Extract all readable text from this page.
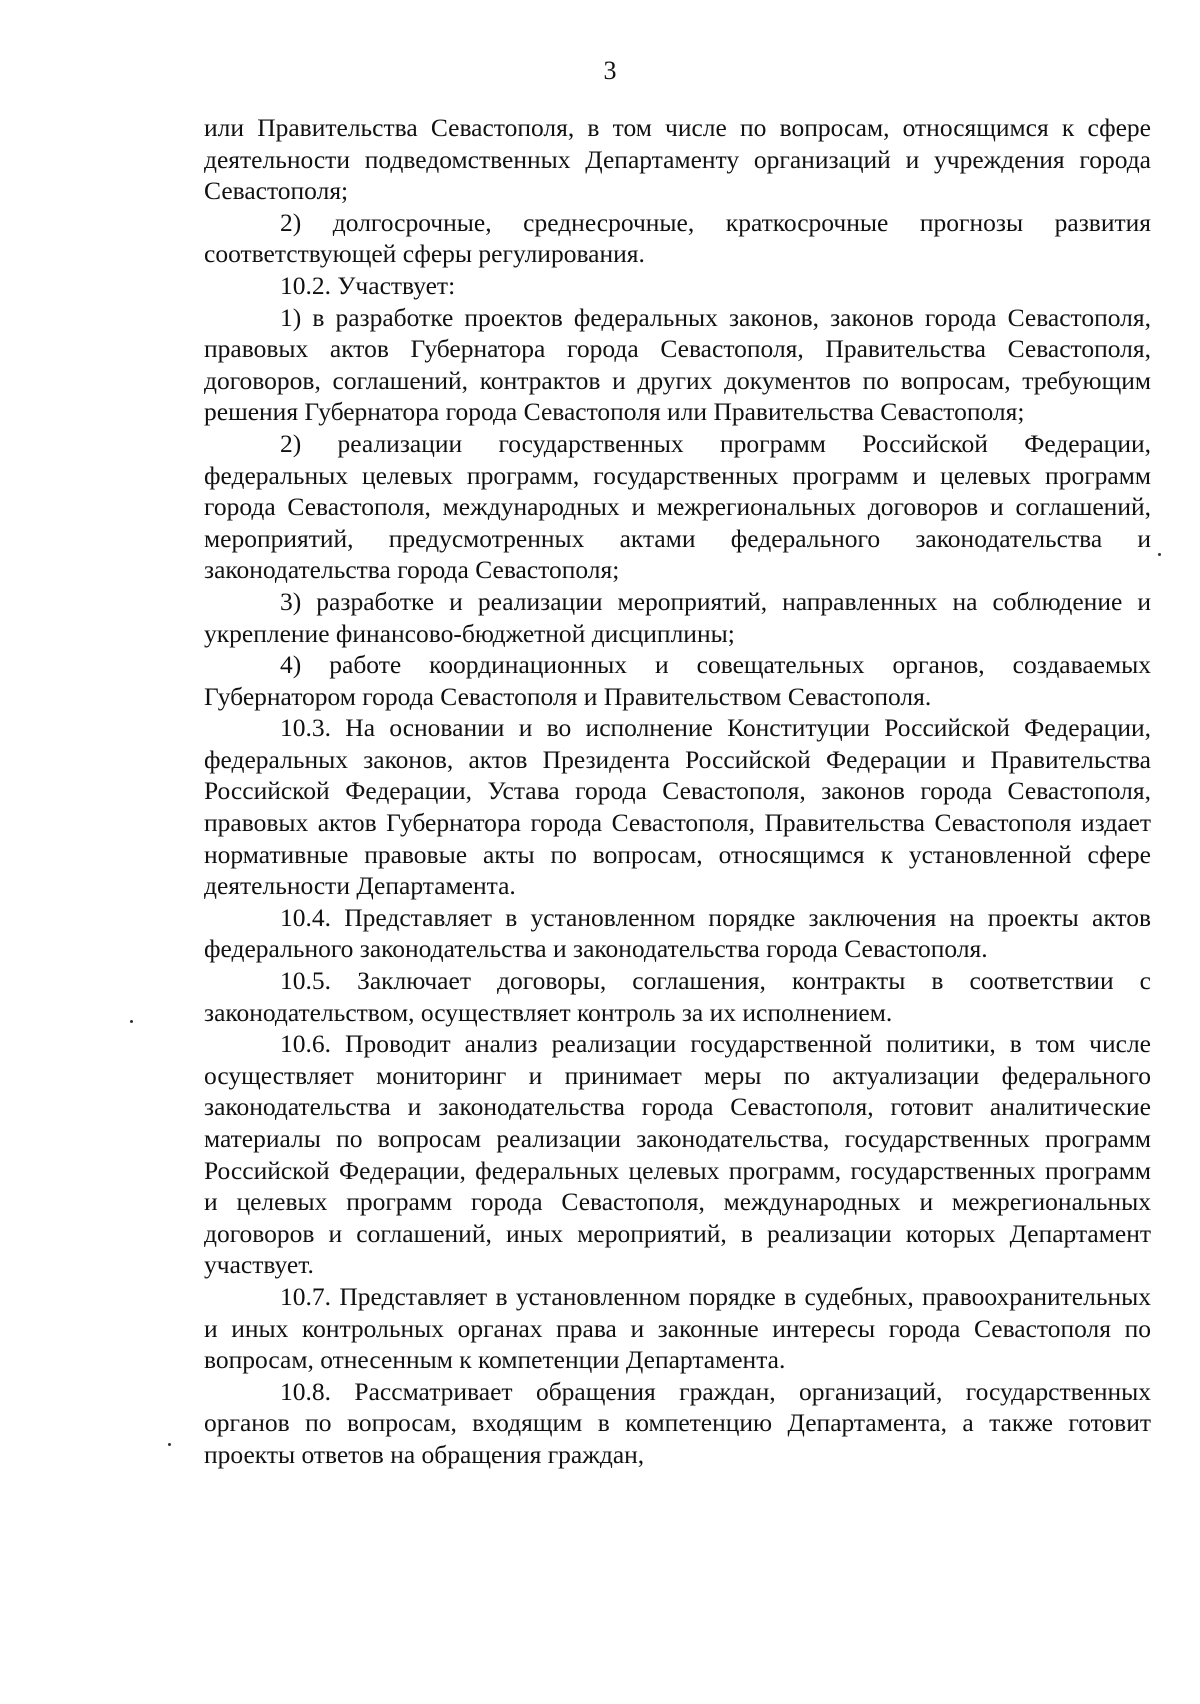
3

или Правительства Севастополя, в том числе по вопросам, относящимся к сфере деятельности подведомственных Департаменту организаций и учреждения города Севастополя;

2) долгосрочные, среднесрочные, краткосрочные прогнозы развития соответствующей сферы регулирования.

10.2. Участвует:

1) в разработке проектов федеральных законов, законов города Севастополя, правовых актов Губернатора города Севастополя, Правительства Севастополя, договоров, соглашений, контрактов и других документов по вопросам, требующим решения Губернатора города Севастополя или Правительства Севастополя;

2) реализации государственных программ Российской Федерации, федеральных целевых программ, государственных программ и целевых программ города Севастополя, международных и межрегиональных договоров и соглашений, мероприятий, предусмотренных актами федерального законодательства и законодательства города Севастополя;

3) разработке и реализации мероприятий, направленных на соблюдение и укрепление финансово-бюджетной дисциплины;

4) работе координационных и совещательных органов, создаваемых Губернатором города Севастополя и Правительством Севастополя.

10.3. На основании и во исполнение Конституции Российской Федерации, федеральных законов, актов Президента Российской Федерации и Правительства Российской Федерации, Устава города Севастополя, законов города Севастополя, правовых актов Губернатора города Севастополя, Правительства Севастополя издает нормативные правовые акты по вопросам, относящимся к установленной сфере деятельности Департамента.

10.4. Представляет в установленном порядке заключения на проекты актов федерального законодательства и законодательства города Севастополя.

10.5. Заключает договоры, соглашения, контракты в соответствии с законодательством, осуществляет контроль за их исполнением.

10.6. Проводит анализ реализации государственной политики, в том числе осуществляет мониторинг и принимает меры по актуализации федерального законодательства и законодательства города Севастополя, готовит аналитические материалы по вопросам реализации законодательства, государственных программ Российской Федерации, федеральных целевых программ, государственных программ и целевых программ города Севастополя, международных и межрегиональных договоров и соглашений, иных мероприятий, в реализации которых Департамент участвует.

10.7. Представляет в установленном порядке в судебных, правоохранительных и иных контрольных органах права и законные интересы города Севастополя по вопросам, отнесенным к компетенции Департамента.

10.8. Рассматривает обращения граждан, организаций, государственных органов по вопросам, входящим в компетенцию Департамента, а также готовит проекты ответов на обращения граждан,
